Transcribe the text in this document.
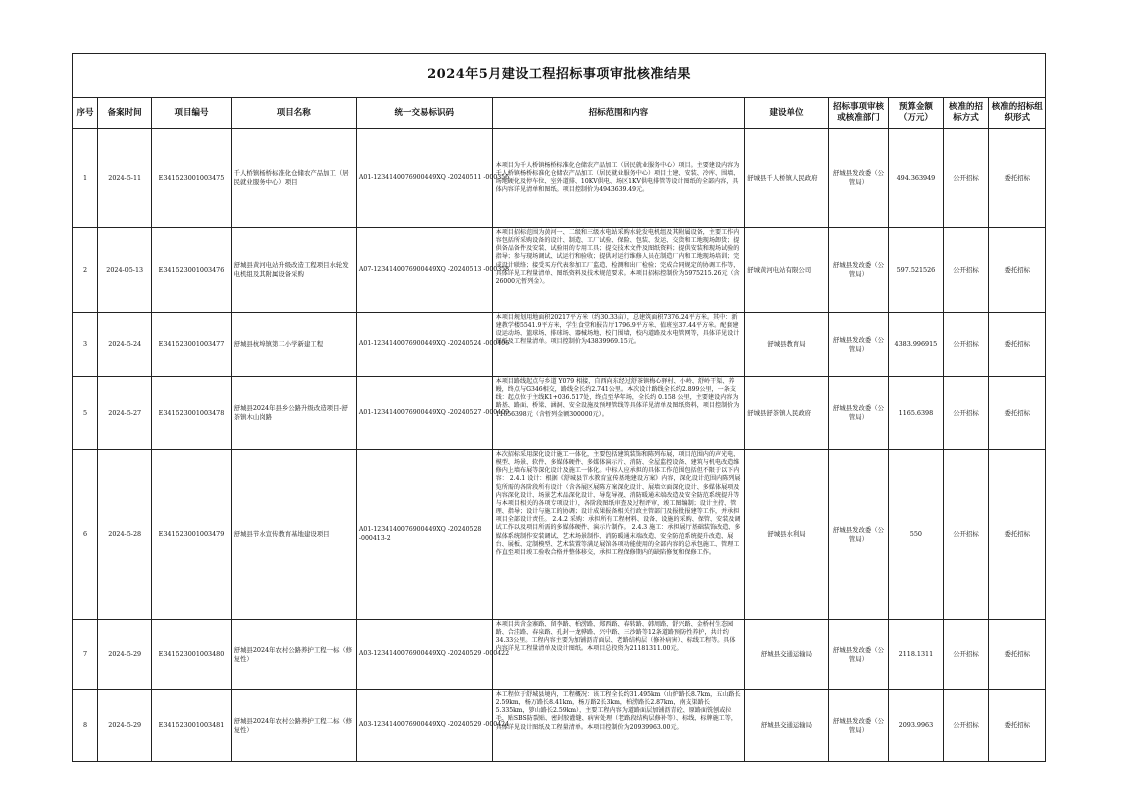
2024年5月建设工程招标事项审批核准结果										
序号	备案时间	项目编号	项目名称	统一交易标识码	招标范围和内容	建设单位	招标事项审核或核准部门	预算金额（万元）	核准的招标方式	核准的招标组织形式
1	2024-5-11	E341523001003475	千人桥镇杨桥标准化仓储农产品加工（居民就业服务中心）项目	A01-1234140076900449XQ -20240511 -000356	本项目为千人桥镇杨桥标准化仓储农产品加工（居民就业服务中心）项目。主要建设内容为千人桥镇杨桥标准化仓储农产品加工（居民就业服务中心）项目土建、安装、冷库、围墙、场地硬化及停车位、室外道排、10KV供电、场区1KV供电排管等设计图纸的全部内容，具体内容详见清单和图纸。项目控制价为4943639.49元。	舒城县千人桥镇人民政府	舒城县发改委（公管局）	494.363949	公开招标	委托招标
2	2024-05-13	E341523001003476	舒城县黄河电站升级改造工程项目水轮发电机组及其附属设备采购	A07-1234140076900449XQ -20240513 -000358	本项目招标范围为黄河一、二级和三级水电站采购水轮发电机组及其附属设备，主要工作内容包括所采购设备的设计、制造、工厂试验、保险、包装、发运、交货和工地现场卸货；提供备品备件及安装、试验用的专用工具；提交技术文件及图纸资料；提供安装和现场试验的指导；参与现场调试、试运行和验收；提供对运行维修人员在制造厂内和工地现场培训；完成设计联络；接受买方代表参加工厂监造、检测和出厂检验；完成合同规定的协调工作等，具体详见工程量清单、图纸资料及技术规范要求。本项目招标控制价为5975215.26元（含26000元暂列金）。	舒城黄河电站有限公司	舒城县发改委（公管局）	597.521526	公开招标	委托招标
3	2024-5-24	E341523001003477	舒城县杭埠镇第二小学新建工程	A01-1234140076900449XQ -20240524 -000406	本项目规划用地面积20217平方米（约30.33亩），总建筑面积7376.24平方米。其中：新建教学楼5541.9平方米，学生食堂和报告厅1796.9平方米、值班室37.44平方米。配套建设运动场、篮球场、排球场、器械场地、校门围墙，校内道路及水电管网等，具体详见设计图纸及工程量清单。项目控制价为43839969.15元。	舒城县教育局	舒城县发改委（公管局）	4383.996915	公开招标	委托招标
5	2024-5-27	E341523001003478	舒城县2024年县乡公路升级改造项目-舒茶镇木山岗路	A01-1234140076900449XQ -20240527 -000409	本项目路线起点与乡道 Y079 相接，自西向东经过舒茶镇梅心驿村、小岭、舒岭干渠、养鳗，终点与G346相交，路线全长约2.741公里。本次设计路线全长约2.899公里，一条支线：起点位于主线K1+036.517处，终点至华年场，全长约 0.158 公里，主要建设内容为路基、路面、桥梁、涵洞、安全设施及预埋管线等具体详见清单及图纸资料，项目控制价为11656398元（含暂列金额300000元）。	舒城县舒茶镇人民政府	舒城县发改委（公管局）	1165.6398	公开招标	委托招标
6	2024-5-28	E341523001003479	舒城县节水宣传教育基地建设项目	A01-1234140076900449XQ -20240528 -000413-2	本次招标采用深化设计施工一体化，主要包括建筑装饰和陈列布展，项目范围内的声光电、模型、场景、软件、多媒体硬件、多媒体演示片、消防、全屋监控设备、建筑与机电改造维修内上墙布展等深化设计及施工一体化。中标人应承担的具体工作范围包括但不限于以下内容： 2.4.1 设计：根据《舒城县节水教育宣传基地建设方案》内容，深化设计范围内陈列展览所需的各阶段所有设计（含各展区展陈方案深化设计、展墙立面深化设计、多媒体展项及内容深化设计、场景艺术品深化设计、导览导视、消防暖通末端改造及安全防范系统提升等与本项目相关的各项专项设计），各阶段图纸审查及过程评审，竣工图编制；设计主持、管理、指导；设计与施工的协调；设计成果报备相关行政主管部门及报批报建等工作，并承担项目全部设计责任。 2.4.2 采购：承担所有工程材料、设备、设施的采购、保管、安装及调试工作以及项目所需的多媒体硬件、演示片制作。 2.4.3 施工：承担展厅基础装饰改造、多媒体系统制作安装调试、艺术场景制作、消防暖通末端改造、安全防范系统提升改造、展台、展板、定制模型、艺术装置等满足展馆各项功能使用的全部内容的总承包施工、管理工作直至项目竣工验收合格并整体移交，承担工程保修期内的缺陷修复和保修工作。	舒城县水利局	舒城县发改委（公管局）	550	公开招标	委托招标
7	2024-5-29	E341523001003480	舒城县2024年农村公路养护工程一标（修复性）	A03-1234140076900449XQ -20240529 -000422	本项目共含金寨路、留李路、柏涝路、郑西路、春转路、韩周路、舒兴路、金桥村生态园路、合洼路、春泉路、孔封一龙骅路、兴中路、三沙路等12条道路预防性养护，共计约34.33公里。工程内容主要为加铺沥青面层、老路结构层（修补病害）、标线工程等。具体内容详见工程量清单及设计图纸。本项目总投资为21181311.00元。	舒城县交通运输局	舒城县发改委（公管局）	2118.1311	公开招标	委托招标
8	2024-5-29	E341523001003481	舒城县2024年农村公路养护工程二标（修复性）	A03-1234140076900449XQ -20240529 -000424	本工程位于舒城县境内，工程概况：该工程全长约31.495km（山炉路长8.7km，五山路长2.59km，杨万路长8.41km，杨万路2长3km，柏涝路长2.87km，南支渠路长5.335km，箩山路长2.59km），主要工程内容为道路面层加铺沥青砼、原路面铣刨或拉毛、贴SBS防裂贴、密封胶灌缝、病害处理（老路段结构层修补等）、标线、标牌施工等，具体详见设计图纸及工程量清单。本项目控制价为20939963.00元。	舒城县交通运输局	舒城县发改委（公管局）	2093.9963	公开招标	委托招标
